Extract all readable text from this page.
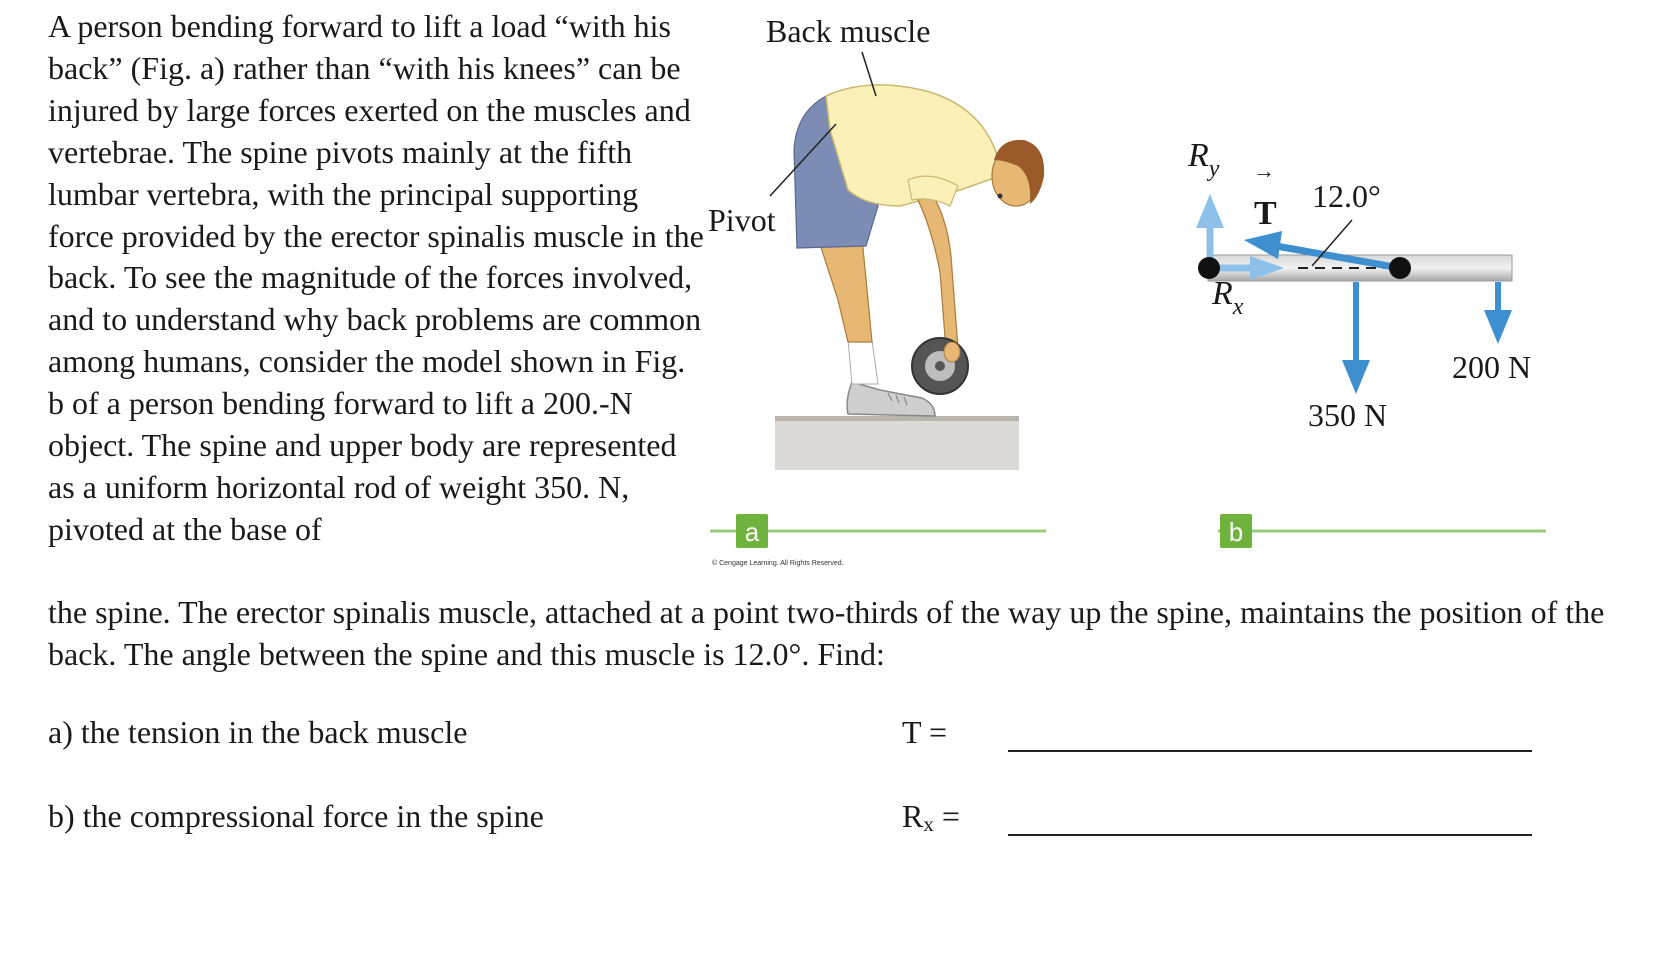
A person bending forward to lift a load “with his back” (Fig. a) rather than “with his knees” can be injured by large forces exerted on the muscles and vertebrae. The spine pivots mainly at the fifth lumbar vertebra, with the principal supporting force provided by the erector spinalis muscle in the back. To see the magnitude of the forces involved, and to understand why back problems are common among humans, consider the model shown in Fig. b of a person bending forward to lift a 200.-N object. The spine and upper body are represented as a uniform horizontal rod of weight 350. N, pivoted at the base of

Back muscle
Pivot
a
© Cengage Learning. All Rights Reserved.
$R_y$
$R_x$
→
T 12.0°
350 N
200 N
b

the spine. The erector spinalis muscle, attached at a point two-thirds of the way up the spine, maintains the position of the back. The angle between the spine and this muscle is 12.0°. Find:

a) the tension in the back muscle	T =
b) the compressional force in the spine	Rx =
